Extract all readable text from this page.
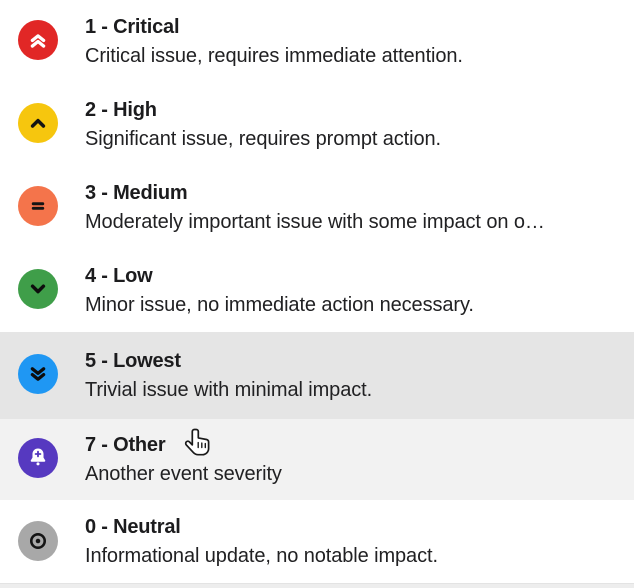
1 - Critical
Critical issue, requires immediate attention.
2 - High
Significant issue, requires prompt action.
3 - Medium
Moderately important issue with some impact on o…
4 - Low
Minor issue, no immediate action necessary.
5 - Lowest
Trivial issue with minimal impact.
7 - Other
Another event severity
0 - Neutral
Informational update, no notable impact.
